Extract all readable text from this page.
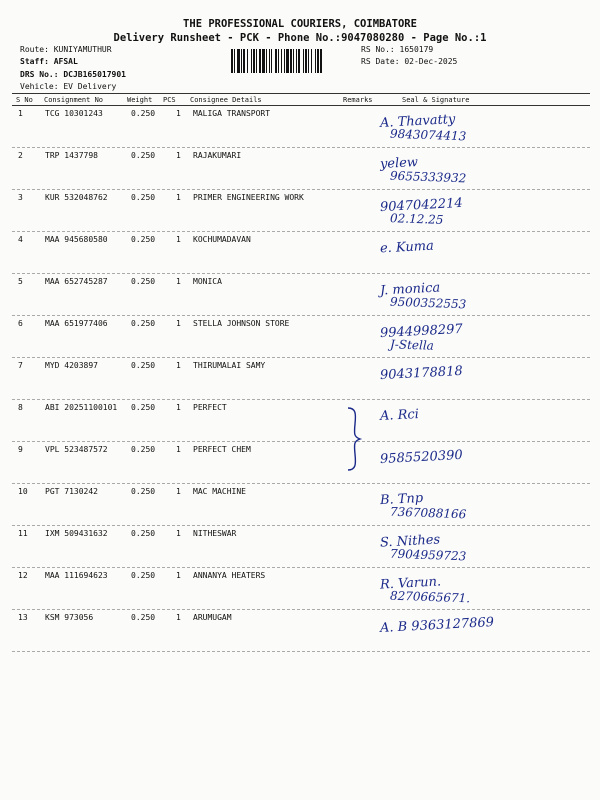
THE PROFESSIONAL COURIERS, COIMBATORE
Delivery Runsheet - PCK - Phone No.:9047080280 - Page No.:1
Route: KUNIYAMUTHUR
Staff: AFSAL
DRS No.: DCJB165017901
Vehicle: EV Delivery
RS No.: 1650179
RS Date: 02-Dec-2025
S No Consignment No	Weight PCS Consignee Details	Remarks	Seal & Signature
1	TCG 10301243	0.250	1 MALIGA TRANSPORT	A. Thavatty
9843074413
2	TRP 1437798	0.250	1 RAJAKUMARI	yelew
9655333932
3	KUR 532048762	0.250	1 PRIMER ENGINEERING WORK	9047042214
02.12.25
4	MAA 945680580	0.250	1 KOCHUMADAVAN	e. Kuma
5	MAA 652745287	0.250	1 MONICA	J. monica
9500352553
6	MAA 651977406	0.250	1 STELLA JOHNSON STORE	9944998297
J-Stella
7	MYD 4203897	0.250	1 THIRUMALAI SAMY	9043178818
8	ABI 20251100101 0.250	1 PERFECT	A. Rci
9	VPL 523487572	0.250	1 PERFECT CHEM	9585520390
10 PGT 7130242	0.250	1 MAC MACHINE	B. Tnp
7367088166
11 IXM 509431632	0.250	1 NITHESWAR	S. Nithes
7904959723
12 MAA 111694623	0.250	1 ANNANYA HEATERS	R. Varun.
8270665671.
13 KSM 973056	0.250	1 ARUMUGAM	A. B 9363127869
